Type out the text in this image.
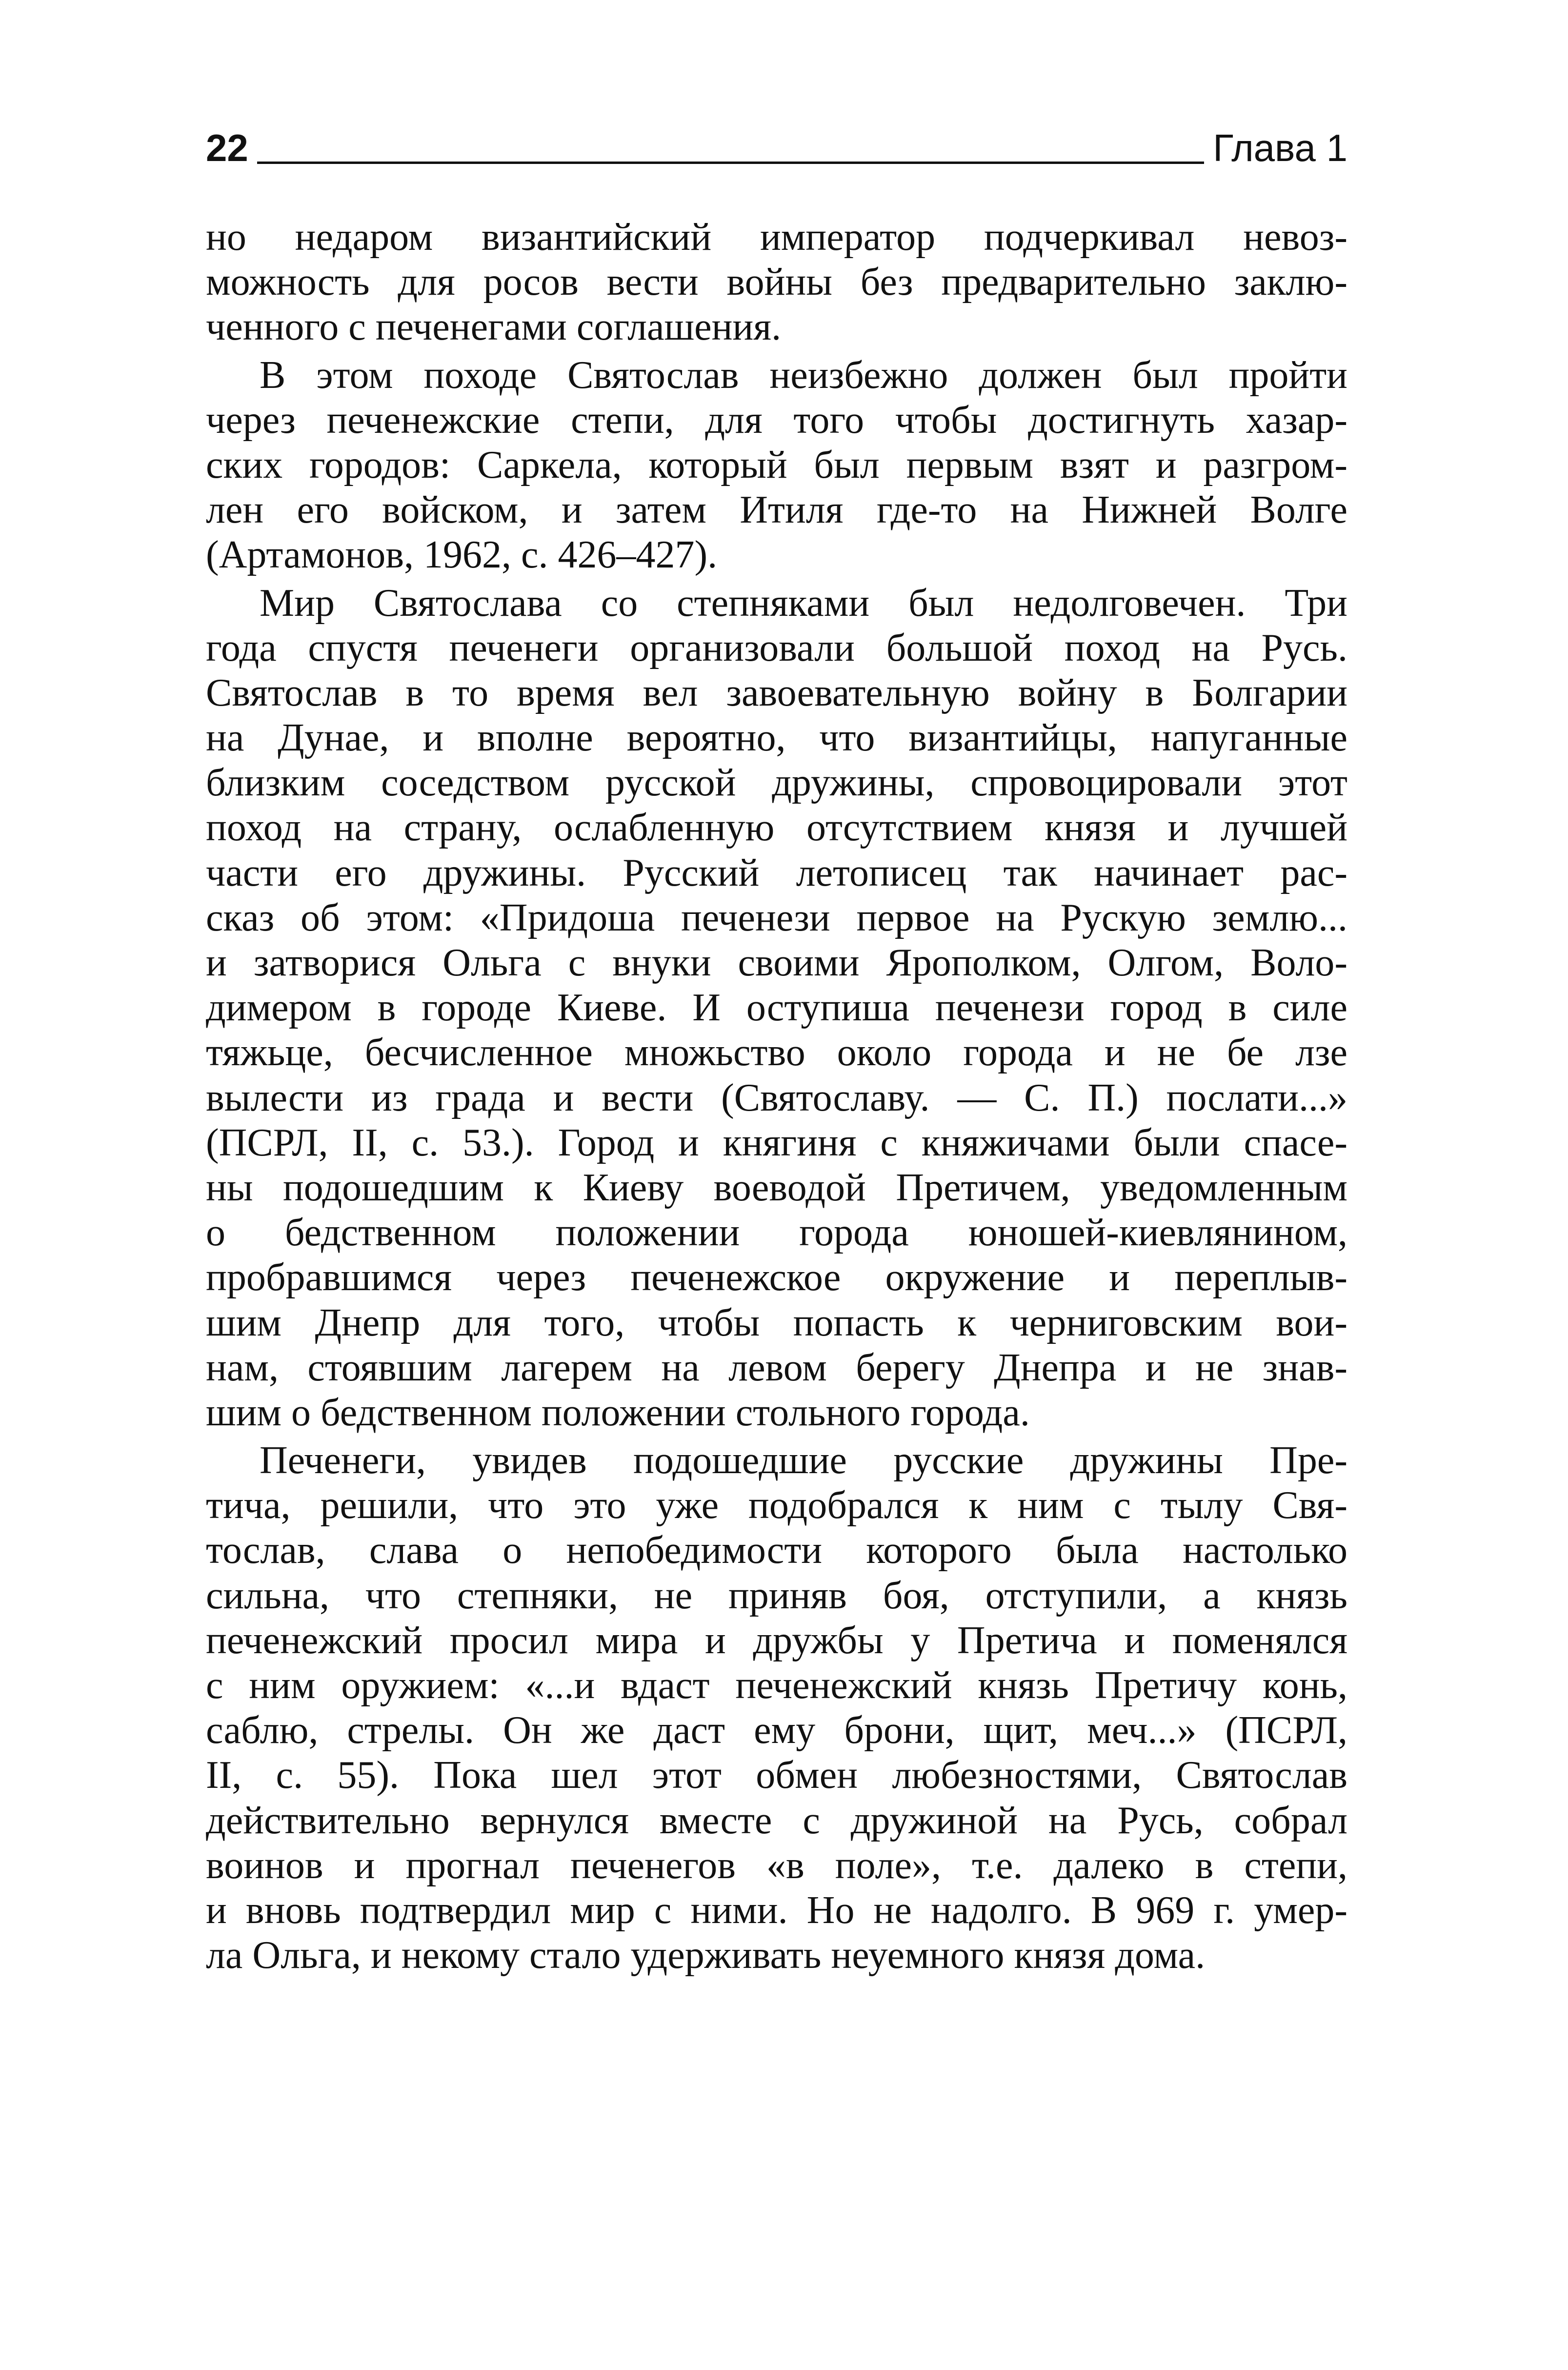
22	Глава 1
но недаром византийский император подчеркивал невоз-
можность для росов вести войны без предварительно заклю-
ченного с печенегами соглашения.
В этом походе Святослав неизбежно должен был пройти
через печенежские степи, для того чтобы достигнуть хазар-
ских городов: Саркела, который был первым взят и разгром-
лен его войском, и затем Итиля где-то на Нижней Волге
(Артамонов, 1962, с. 426–427).
Мир Святослава со степняками был недолговечен. Три
года спустя печенеги организовали большой поход на Русь.
Святослав в то время вел завоевательную войну в Болгарии
на Дунае, и вполне вероятно, что византийцы, напуганные
близким соседством русской дружины, спровоцировали этот
поход на страну, ослабленную отсутствием князя и лучшей
части его дружины. Русский летописец так начинает рас-
сказ об этом: «Придоша печенези первое на Рускую землю...
и затворися Ольга с внуки своими Ярополком, Олгом, Воло-
димером в городе Киеве. И оступиша печенези город в силе
тяжьце, бесчисленное множьство около города и не бе лзе
вылести из града и вести (Святославу. — С. П.) послати...»
(ПСРЛ, II, с. 53.). Город и княгиня с княжичами были спасе-
ны подошедшим к Киеву воеводой Претичем, уведомленным
о бедственном положении города юношей-киевлянином,
пробравшимся через печенежское окружение и переплыв-
шим Днепр для того, чтобы попасть к черниговским вои-
нам, стоявшим лагерем на левом берегу Днепра и не знав-
шим о бедственном положении стольного города.
Печенеги, увидев подошедшие русские дружины Пре-
тича, решили, что это уже подобрался к ним с тылу Свя-
тослав, слава о непобедимости которого была настолько
сильна, что степняки, не приняв боя, отступили, а князь
печенежский просил мира и дружбы у Претича и поменялся
с ним оружием: «...и вдаст печенежский князь Претичу конь,
саблю, стрелы. Он же даст ему брони, щит, меч...» (ПСРЛ,
II, с. 55). Пока шел этот обмен любезностями, Святослав
действительно вернулся вместе с дружиной на Русь, собрал
воинов и прогнал печенегов «в поле», т.е. далеко в степи,
и вновь подтвердил мир с ними. Но не надолго. В 969 г. умер-
ла Ольга, и некому стало удерживать неуемного князя дома.
